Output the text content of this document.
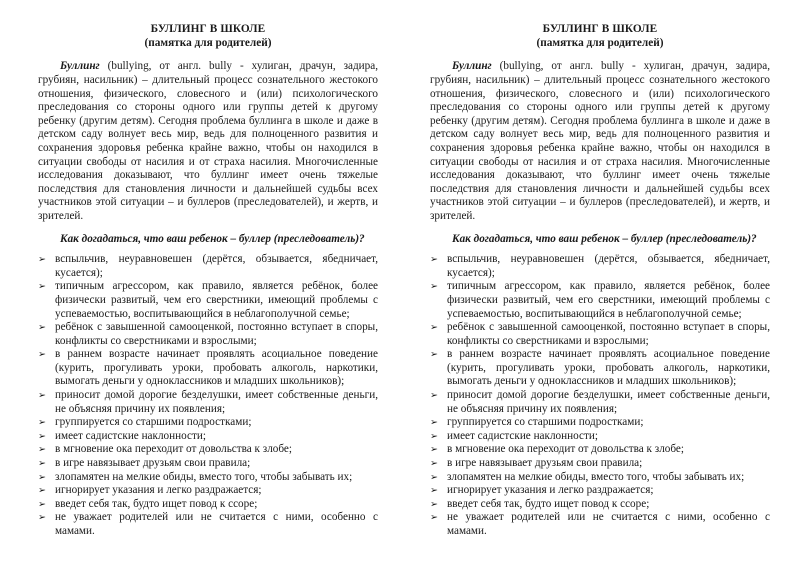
БУЛЛИНГ В ШКОЛЕ
(памятка для родителей)

Буллинг (bullying, от англ. bully - хулиган, драчун, задира, грубиян, насильник) – длительный процесс сознательного жестокого отношения, физического, словесного и (или) психологического преследования со стороны одного или группы детей к другому ребенку (другим детям). Сегодня проблема буллинга в школе и даже в детском саду волнует весь мир, ведь для полноценного развития и сохранения здоровья ребенка крайне важно, чтобы он находился в ситуации свободы от насилия и от страха насилия. Многочисленные исследования доказывают, что буллинг имеет очень тяжелые последствия для становления личности и дальнейшей судьбы всех участников этой ситуации – и буллеров (преследователей), и жертв, и зрителей.

Как догадаться, что ваш ребенок – буллер (преследователь)?

➢ вспыльчив, неуравновешен (дерётся, обзывается, ябедничает, кусается);
➢ типичным агрессором, как правило, является ребёнок, более физически развитый, чем его сверстники, имеющий проблемы с успеваемостью, воспитывающийся в неблагополучной семье;
➢ ребёнок с завышенной самооценкой, постоянно вступает в споры, конфликты со сверстниками и взрослыми;
➢ в раннем возрасте начинает проявлять асоциальное поведение (курить, прогуливать уроки, пробовать алкоголь, наркотики, вымогать деньги у одноклассников и младших школьников);
➢ приносит домой дорогие безделушки, имеет собственные деньги, не объясняя причину их появления;
➢ группируется со старшими подростками;
➢ имеет садистские наклонности;
➢ в мгновение ока переходит от довольства к злобе;
➢ в игре навязывает друзьям свои правила;
➢ злопамятен на мелкие обиды, вместо того, чтобы забывать их;
➢ игнорирует указания и легко раздражается;
➢ введет себя так, будто ищет повод к ссоре;
➢ не уважает родителей или не считается с ними, особенно с мамами.
БУЛЛИНГ В ШКОЛЕ
(памятка для родителей)

Буллинг (bullying, от англ. bully - хулиган, драчун, задира, грубиян, насильник) – длительный процесс сознательного жестокого отношения, физического, словесного и (или) психологического преследования со стороны одного или группы детей к другому ребенку (другим детям). Сегодня проблема буллинга в школе и даже в детском саду волнует весь мир, ведь для полноценного развития и сохранения здоровья ребенка крайне важно, чтобы он находился в ситуации свободы от насилия и от страха насилия. Многочисленные исследования доказывают, что буллинг имеет очень тяжелые последствия для становления личности и дальнейшей судьбы всех участников этой ситуации – и буллеров (преследователей), и жертв, и зрителей.

Как догадаться, что ваш ребенок – буллер (преследователь)?

➢ вспыльчив, неуравновешен (дерётся, обзывается, ябедничает, кусается);
➢ типичным агрессором, как правило, является ребёнок, более физически развитый, чем его сверстники, имеющий проблемы с успеваемостью, воспитывающийся в неблагополучной семье;
➢ ребёнок с завышенной самооценкой, постоянно вступает в споры, конфликты со сверстниками и взрослыми;
➢ в раннем возрасте начинает проявлять асоциальное поведение (курить, прогуливать уроки, пробовать алкоголь, наркотики, вымогать деньги у одноклассников и младших школьников);
➢ приносит домой дорогие безделушки, имеет собственные деньги, не объясняя причину их появления;
➢ группируется со старшими подростками;
➢ имеет садистские наклонности;
➢ в мгновение ока переходит от довольства к злобе;
➢ в игре навязывает друзьям свои правила;
➢ злопамятен на мелкие обиды, вместо того, чтобы забывать их;
➢ игнорирует указания и легко раздражается;
➢ введет себя так, будто ищет повод к ссоре;
➢ не уважает родителей или не считается с ними, особенно с мамами.
